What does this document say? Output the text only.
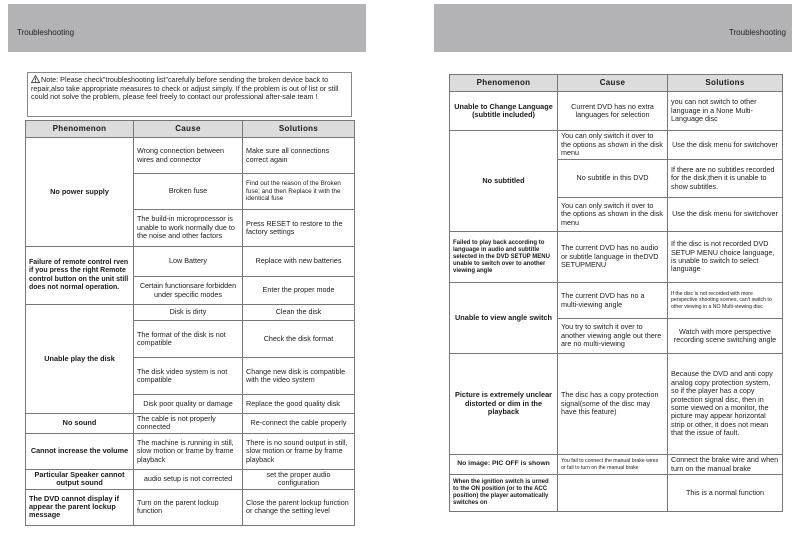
Troubleshooting
Note: Please check"troubleshooting list"carefully before sending the broken device back to repair,also take appropriate measures to check or adjust simply. If the problem is out of list or still could not solve the problem, please feel freely to contact our professional after-sale team !
Phenomenon	Cause	Solutions
No power supply	Wrong connection between wires and connector	Make sure all connections correct again
	Broken fuse	Find out the reason of the Broken fuse; and then Replace it with the identical fuse
	The build-in microprocessor is unable to work normally due to the noise and other factors	Press RESET to restore to the factory settings
Failure of remote control rven if you press the right Remote control button on the unit still does not normal operation.	Low Battery	Replace with new batteries
	Certain functionsare forbidden under specific modes	Enter the proper mode
Unable play the disk	Disk is dirty	Clean the disk
	The format of the disk is not compatible	Check the disk format
	The disk video system is not compatible	Change new disk is compatible with the video system
	Disk poor quality or damage	Replace the good quality disk
No sound	The cable is not properly connected	Re-connect the cable properly
Cannot increase the volume	The machine is running in still, slow motion or frame by frame playback	There is no sound output in still, slow motion or frame by frame playback
Particular Speaker cannot output sound	audio setup is not corrected	set the proper audio configuration
The DVD cannot display if appear the parent lockup message	Turn on the parent lockup function	Close the parent lockup function or change the setting level
Troubleshooting
Phenomenon	Cause	Solutions
Unable to Change Language (subtitle included)	Current DVD has no extra languages for selection	you can not switch to other language in a None Multi-Language disc
No subtitled	You can only switch it over to the options as shown in the disk menu	Use the disk menu for switchover
	No subtitle in this DVD	If there are no subtitles recorded for the disk,then it is unable to show subtitles.
	You can only switch it over to the options as shown in the disk menu	Use the disk menu for switchover
Failed to play back according to language in audio and subtitle selected in the DVD SETUP MENU unable to switch over to another viewing angle	The current DVD has no audio or subtitle language in theDVD SETUPMENU	If the disc is not recorded DVD SETUP MENU choice language, is unable to switch to select language
Unable to view angle switch	The current DVD has no a multi-viewing angle	If the disc is not recorded with more perspective shooting scenes, can't switch to other viewing in a NO Multi-viewing disc
	You try to switch it over to another viewing angle out there are no multi-viewing	Watch with more perspective recording scene switching angle
Picture is extremely unclear distorted or dim in the playback	The disc has a copy protection signal(some of the disc may have this feature)	Because the DVD and anti copy analog copy protection system, so if the player has a copy protection signal disc, then in some viewed on a monitor, the picture may appear horizontal strip or other, it does not mean that the issue of fault.
No image: PIC OFF is shown	You fail to connect the manual brake wires or fail to turn on the manual brake	Connect the brake wire and when turn on the manual brake
When the ignition switch is urned to the ON position (or to the ACC position) the player automatically switches on		This is a normal function
